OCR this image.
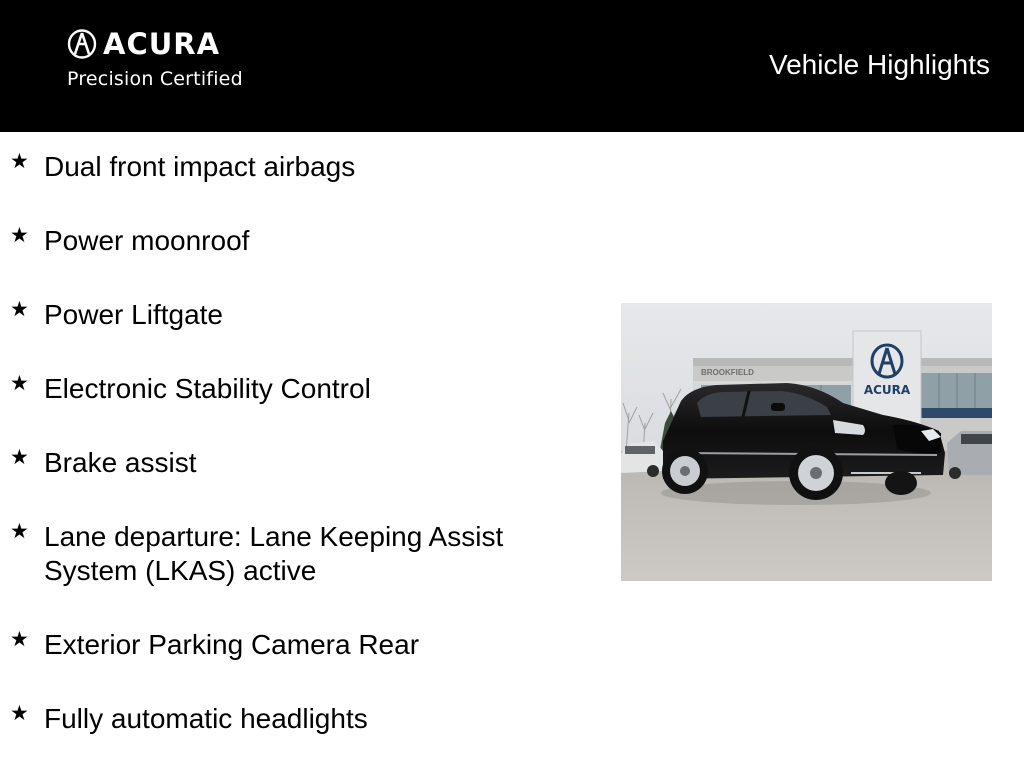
ACURA
Precision Certified	Vehicle Highlights
★ Dual front impact airbags
★ Power moonroof
★ Power Liftgate
★ Electronic Stability Control
★ Brake assist
★ Lane departure: Lane Keeping Assist System (LKAS) active
★ Exterior Parking Camera Rear
★ Fully automatic headlights
BROOKFIELD
ACURA
